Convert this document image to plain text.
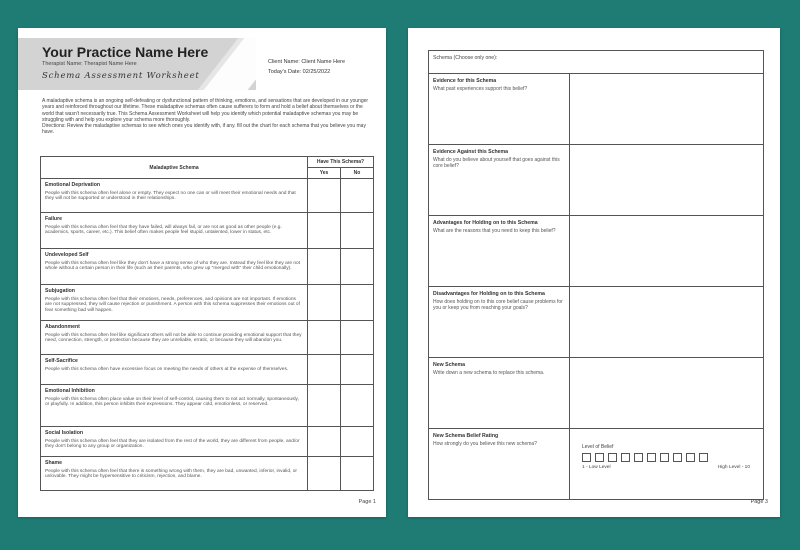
Your Practice Name Here
Therapist Name: Therapist Name Here
Schema Assessment Worksheet
Client Name: Client Name Here
Today's Date: 02/25/2022

A maladaptive schema is an ongoing self-defeating or dysfunctional pattern of thinking, emotions, and sensations that are developed in our younger years and reinforced throughout our lifetime. These maladaptive schemas often cause sufferers to form and hold a belief about themselves or the world that wasn't necessarily true. This Schema Assessment Worksheet will help you identify which potential maladaptive schemas you may be struggling with and help you explore your schema more thoroughly.

Directions: Review the maladaptive schemas to see which ones you identify with, if any. fill out the chart for each schema that you believe you may have.

Maladaptive Schema	Have This Schema?	
	Yes	No

Emotional Deprivation
People with this schema often feel alone or empty. They expect no one can or will meet their emotional needs and that they will not be supported or understood in their relationships.		

Failure
People with this schema often feel that they have failed, will always fail, or are not as good as other people (e.g. academics, sports, career, etc.). This belief often makes people feel stupid, untalented, lower in status, etc.		

Undeveloped Self
People with this schema often feel like they don't have a strong sense of who they are. Instead they feel like they are not whole without a certain person in their life (such as their parents, who grew up "merged with" their child emotionally).		

Subjugation
People with this schema often feel that their emotions, needs, preferences, and opinions are not important. If emotions are not suppressed, they will cause rejection or punishment. A person with this schema suppresses their emotions out of fear something bad will happen.		

Abandonment
People with this schema often feel like significant others will not be able to continue providing emotional support that they need, connection, strength, or protection because they are unreliable, erratic, or because they will abandon you.		

Self-Sacrifice
People with this schema often have excessive focus on meeting the needs of others at the expense of themselves.		

Emotional Inhibition
People with this schema often place value on their level of self-control, causing them to not act normally, spontaneously, or playfully. In addition, this person inhibits their expressions. They appear cold, emotionless, or reserved.		

Social Isolation
People with this schema often feel that they are isolated from the rest of the world, they are different from people, and/or they don't belong to any group or organization.		

Shame
People with this schema often feel that there is something wrong with them, they are bad, unwanted, inferior, invalid, or unlovable. They might be hypersensitive to criticism, rejection, and blame.		

Page 1
Schema (Choose only one):	

Evidence for this Schema
What past experiences support this belief?	

Evidence Against this Schema
What do you believe about yourself that goes against this core belief?	

Advantages for Holding on to this Schema
What are the reasons that you need to keep this belief?	

Disadvantages for Holding on to this Schema
How does holding on to this core belief cause problems for you or keep you from reaching your goals?	

New Schema
Write down a new schema to replace this schema.	

New Schema Belief Rating
How strongly do you believe this new schema?	
		Level of Belief
1 - Low Level	High Level - 10
Page 3
